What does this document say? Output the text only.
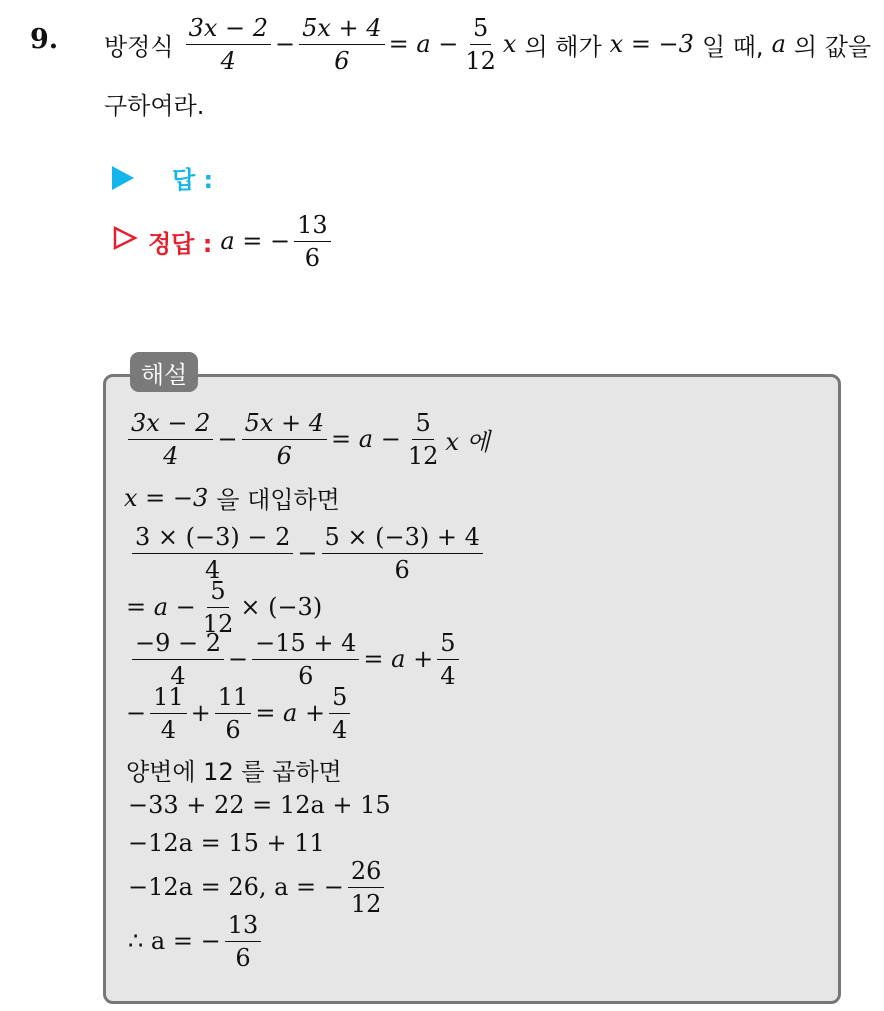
9. 방정식 $\frac{3x - 2}{4} - \frac{5x + 4}{6} = a - \frac{5}{12}$ x 의 해가 x = −3 일 때, a 의 값을
구하여라.
답 :
정답 : a = − $\frac{13}{6}$
해설
$\frac{3x - 2}{4} - \frac{5x + 4}{6} = a - \frac{5}{12}$ x 에
x = −3 을 대입하면
$\frac{3 \times (-3) - 2}{4} - \frac{5 \times (-3) + 4}{6}$
= $a - \frac{5}{12} \times (-3)$
$\frac{-9 - 2}{4} - \frac{-15 + 4}{6} = a + \frac{5}{4}$
− $\frac{11}{4} + \frac{11}{6} = a + \frac{5}{4}$
양변에 12 를 곱하면
−33 + 22 = 12a + 15
−12a = 15 + 11
−12a = 26, a = − $\frac{26}{12}$
∴ a = − $\frac{13}{6}$
